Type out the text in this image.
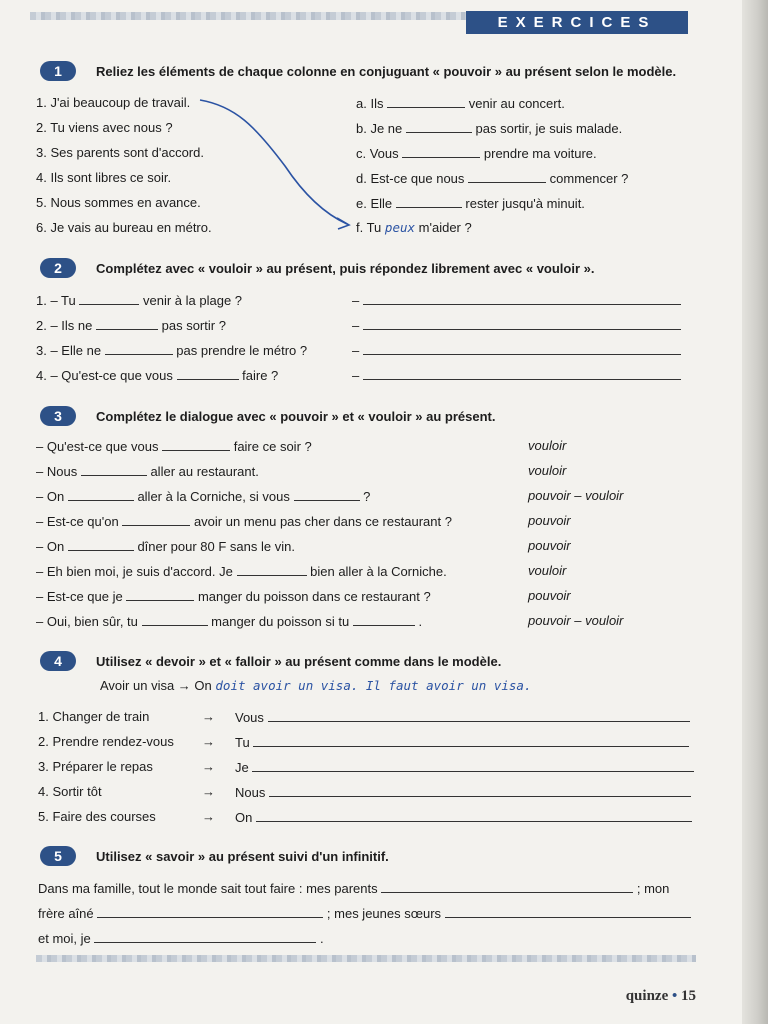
EXERCICES
1	Reliez les éléments de chaque colonne en conjuguant « pouvoir » au présent selon le modèle.
1. J'ai beaucoup de travail.
2. Tu viens avec nous ?
3. Ses parents sont d'accord.
4. Ils sont libres ce soir.
5. Nous sommes en avance.
6. Je vais au bureau en métro.
a. Ils	venir au concert.
b. Je ne	pas sortir, je suis malade.
c. Vous	prendre ma voiture.
d. Est-ce que nous	commencer ?
e. Elle	rester jusqu'à minuit.
f. Tu peux m'aider ?
2	Complétez avec « vouloir » au présent, puis répondez librement avec « vouloir ».
1. – Tu	venir à la plage ?	–
2. – Ils ne	pas sortir ?	–
3. – Elle ne	pas prendre le métro ?	–
4. – Qu'est-ce que vous	faire ?	–
3	Complétez le dialogue avec « pouvoir » et « vouloir » au présent.
– Qu'est-ce que vous	faire ce soir ?	vouloir
– Nous	aller au restaurant.	vouloir
– On	aller à la Corniche, si vous	?	pouvoir – vouloir
– Est-ce qu'on	avoir un menu pas cher dans ce restaurant ?	pouvoir
– On	dîner pour 80 F sans le vin.	pouvoir
– Eh bien moi, je suis d'accord. Je	bien aller à la Corniche.	vouloir
– Est-ce que je	manger du poisson dans ce restaurant ?	pouvoir
– Oui, bien sûr, tu	manger du poisson si tu	.	pouvoir – vouloir
4	Utilisez « devoir » et « falloir » au présent comme dans le modèle.
Avoir un visa → On doit avoir un visa. Il faut avoir un visa.
1. Changer de train	→ Vous
2. Prendre rendez-vous → Tu
3. Préparer le repas	→ Je
4. Sortir tôt	→ Nous
5. Faire des courses	→ On
5	Utilisez « savoir » au présent suivi d'un infinitif.
Dans ma famille, tout le monde sait tout faire : mes parents	; mon
frère aîné	; mes jeunes sœurs
et moi, je	.
quinze • 15
